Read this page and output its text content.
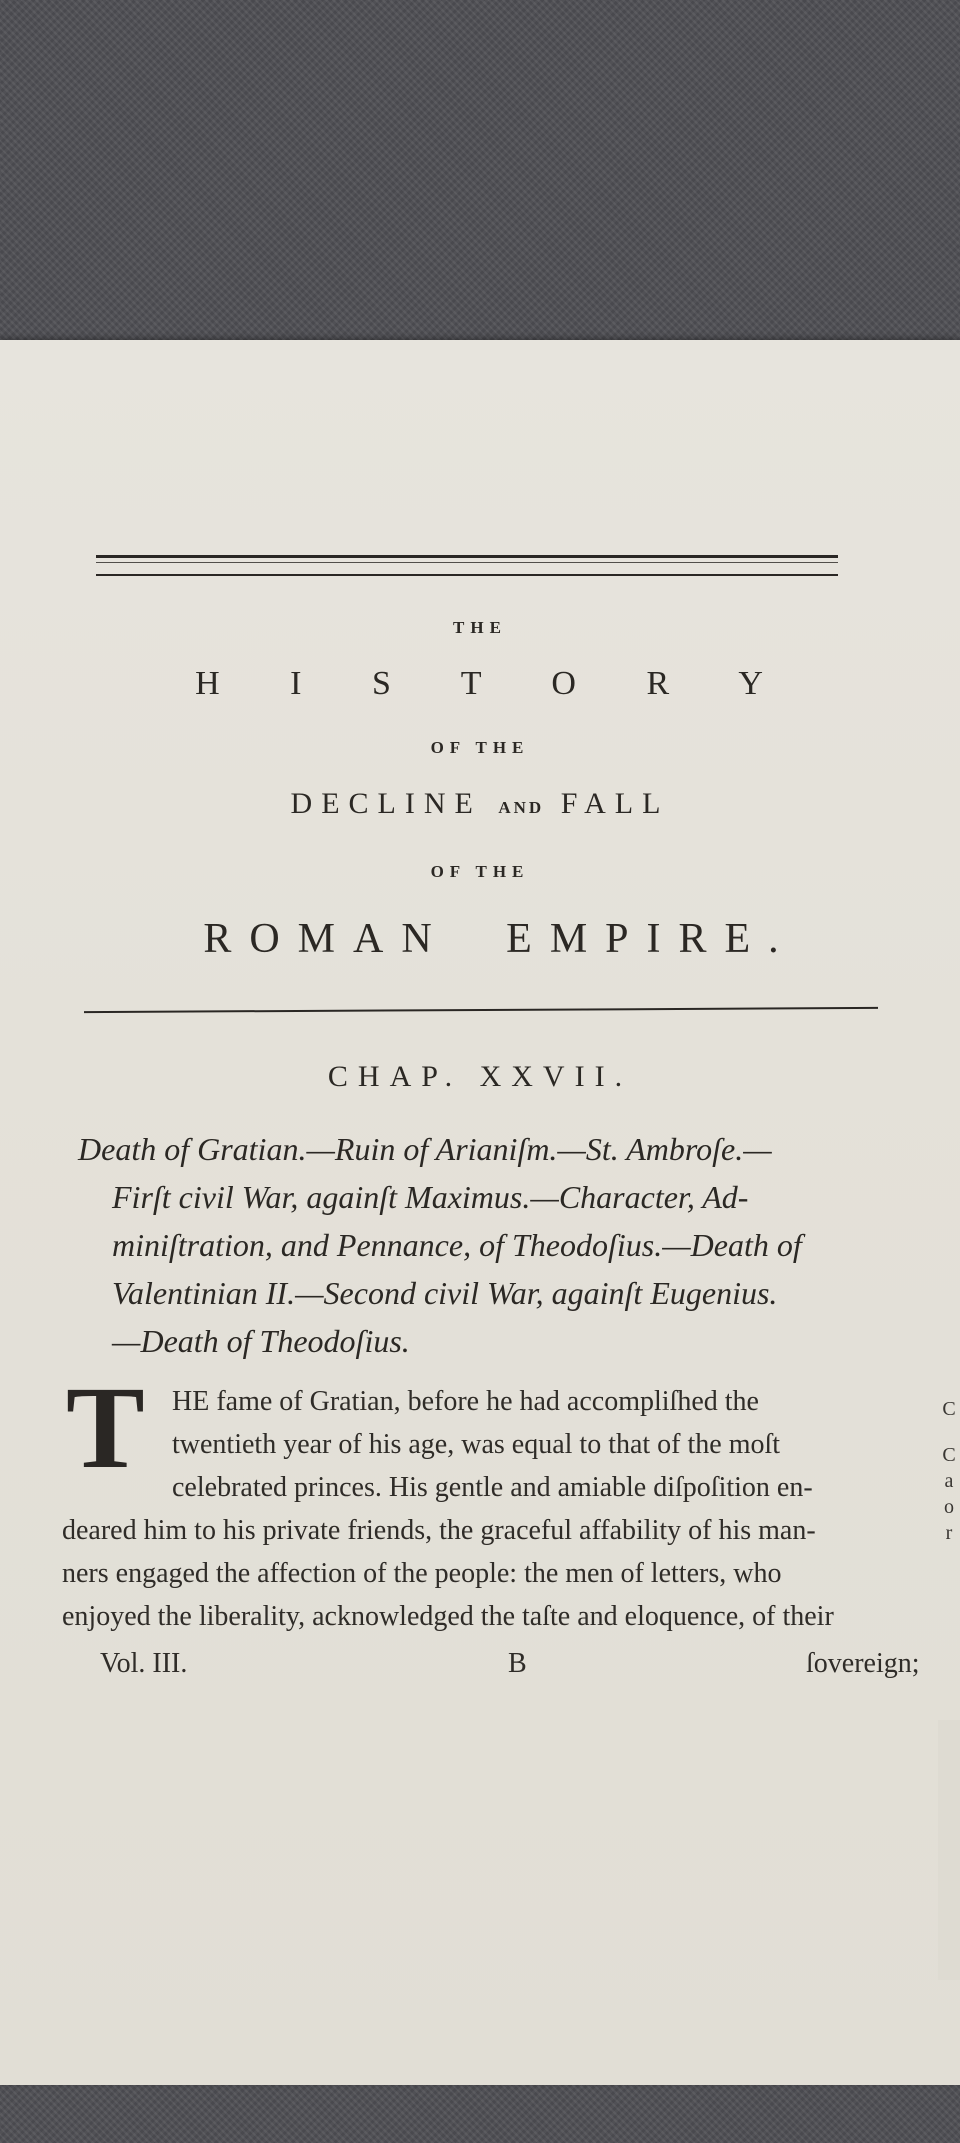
THE

H I S T O R Y

OF THE

DECLINE AND FALL

OF THE

ROMAN EMPIRE.

CHAP. XXVII.

Death of Gratian.—Ruin of Arianiſm.—St. Ambroſe.—
Firſt civil War, againſt Maximus.—Character, Ad-
miniſtration, and Pennance, of Theodoſius.—Death of
Valentinian II.—Second civil War, againſt Eugenius.
—Death of Theodoſius.
T HE fame of Gratian, before he had accompliſhed the
twentieth year of his age, was equal to that of the moſt
celebrated princes. His gentle and amiable diſpoſition en-
deared him to his private friends, the graceful affability of his man-
ners engaged the affection of the people: the men of letters, who
enjoyed the liberality, acknowledged the taſte and eloquence, of their
Vol. III.	B	ſovereign;
C
C
a
o
r
